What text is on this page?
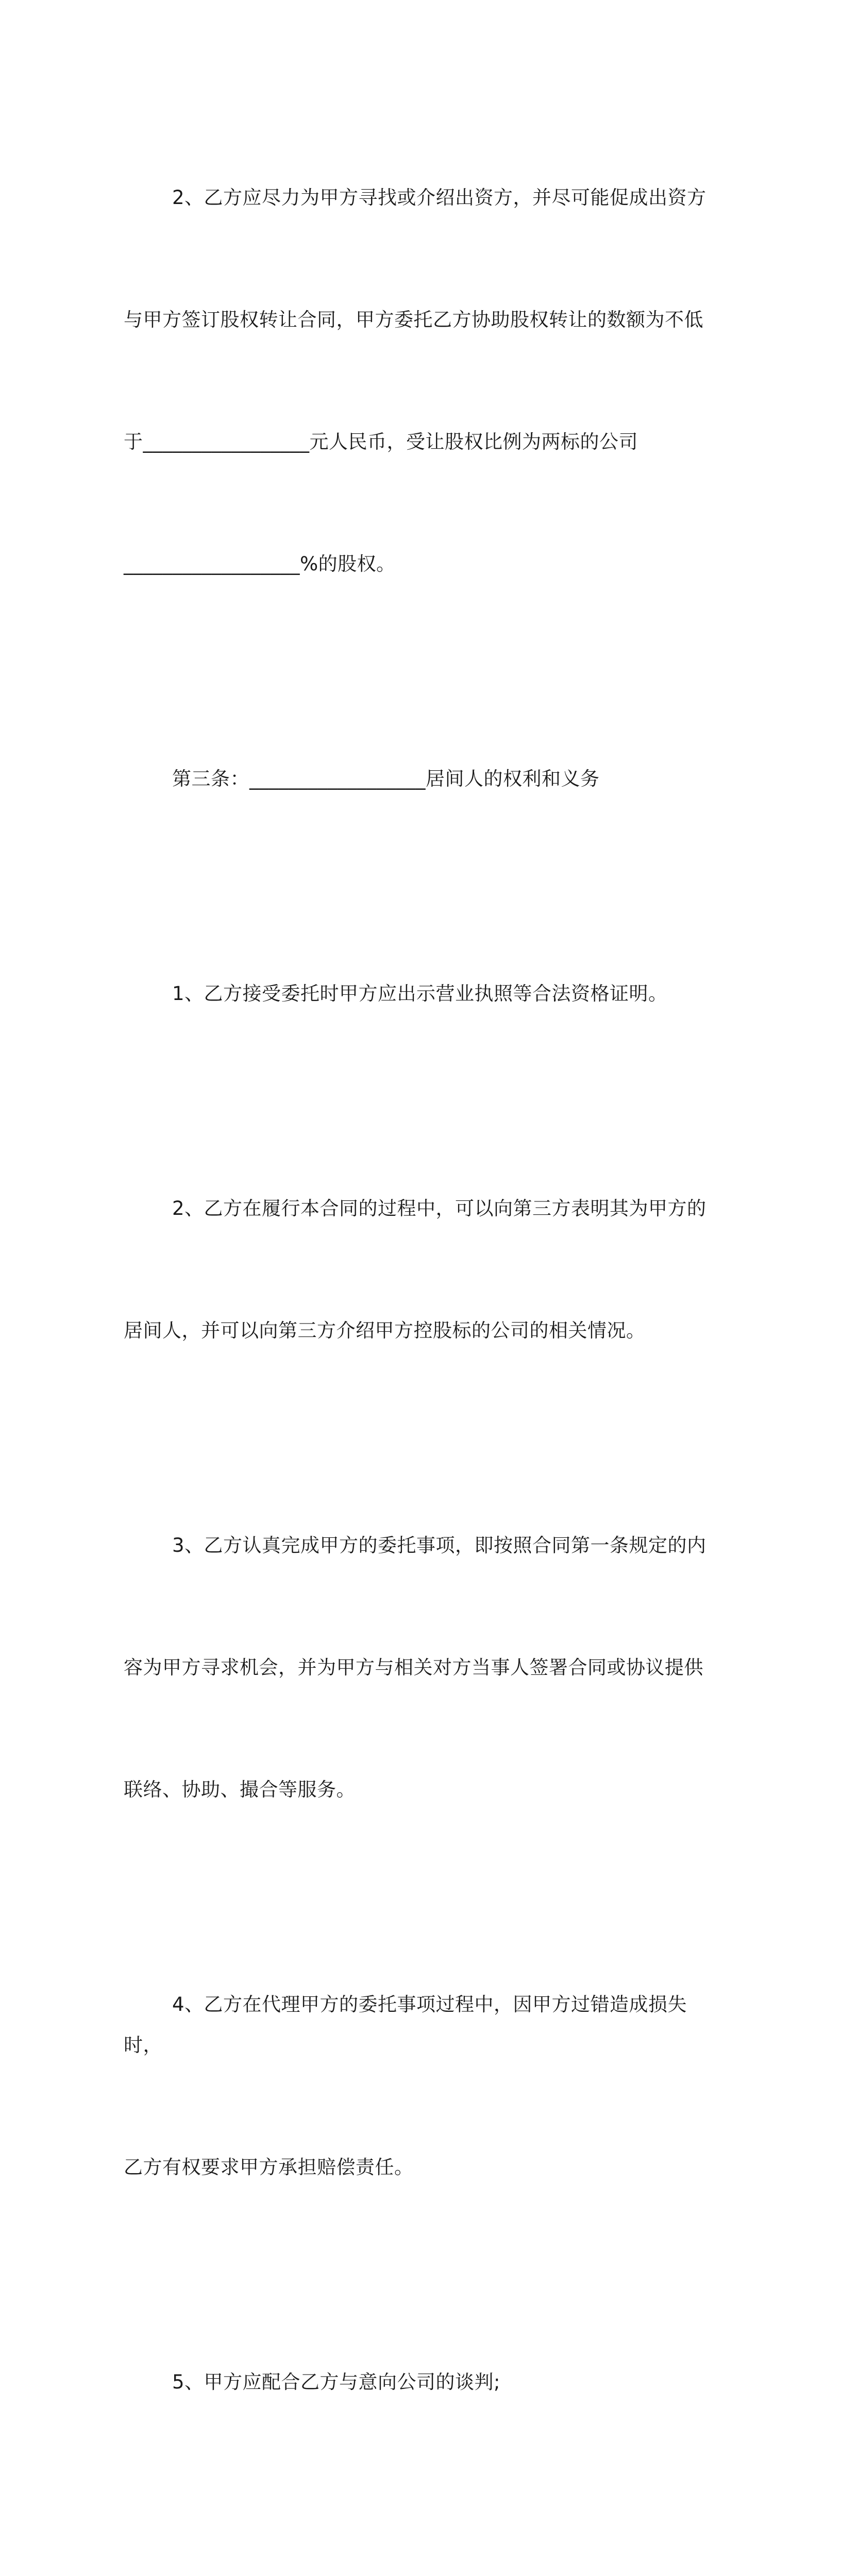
2、乙方应尽力为甲方寻找或介绍出资方，并尽可能促成出资方

与甲方签订股权转让合同，甲方委托乙方协助股权转让的数额为不低

于_________________元人民币，受让股权比例为两标的公司

__________________%的股权。

第三条：__________________居间人的权利和义务

1、乙方接受委托时甲方应出示营业执照等合法资格证明。

2、乙方在履行本合同的过程中，可以向第三方表明其为甲方的

居间人，并可以向第三方介绍甲方控股标的公司的相关情况。

3、乙方认真完成甲方的委托事项，即按照合同第一条规定的内

容为甲方寻求机会，并为甲方与相关对方当事人签署合同或协议提供

联络、协助、撮合等服务。

4、乙方在代理甲方的委托事项过程中，因甲方过错造成损失时，

乙方有权要求甲方承担赔偿责任。

5、甲方应配合乙方与意向公司的谈判;
